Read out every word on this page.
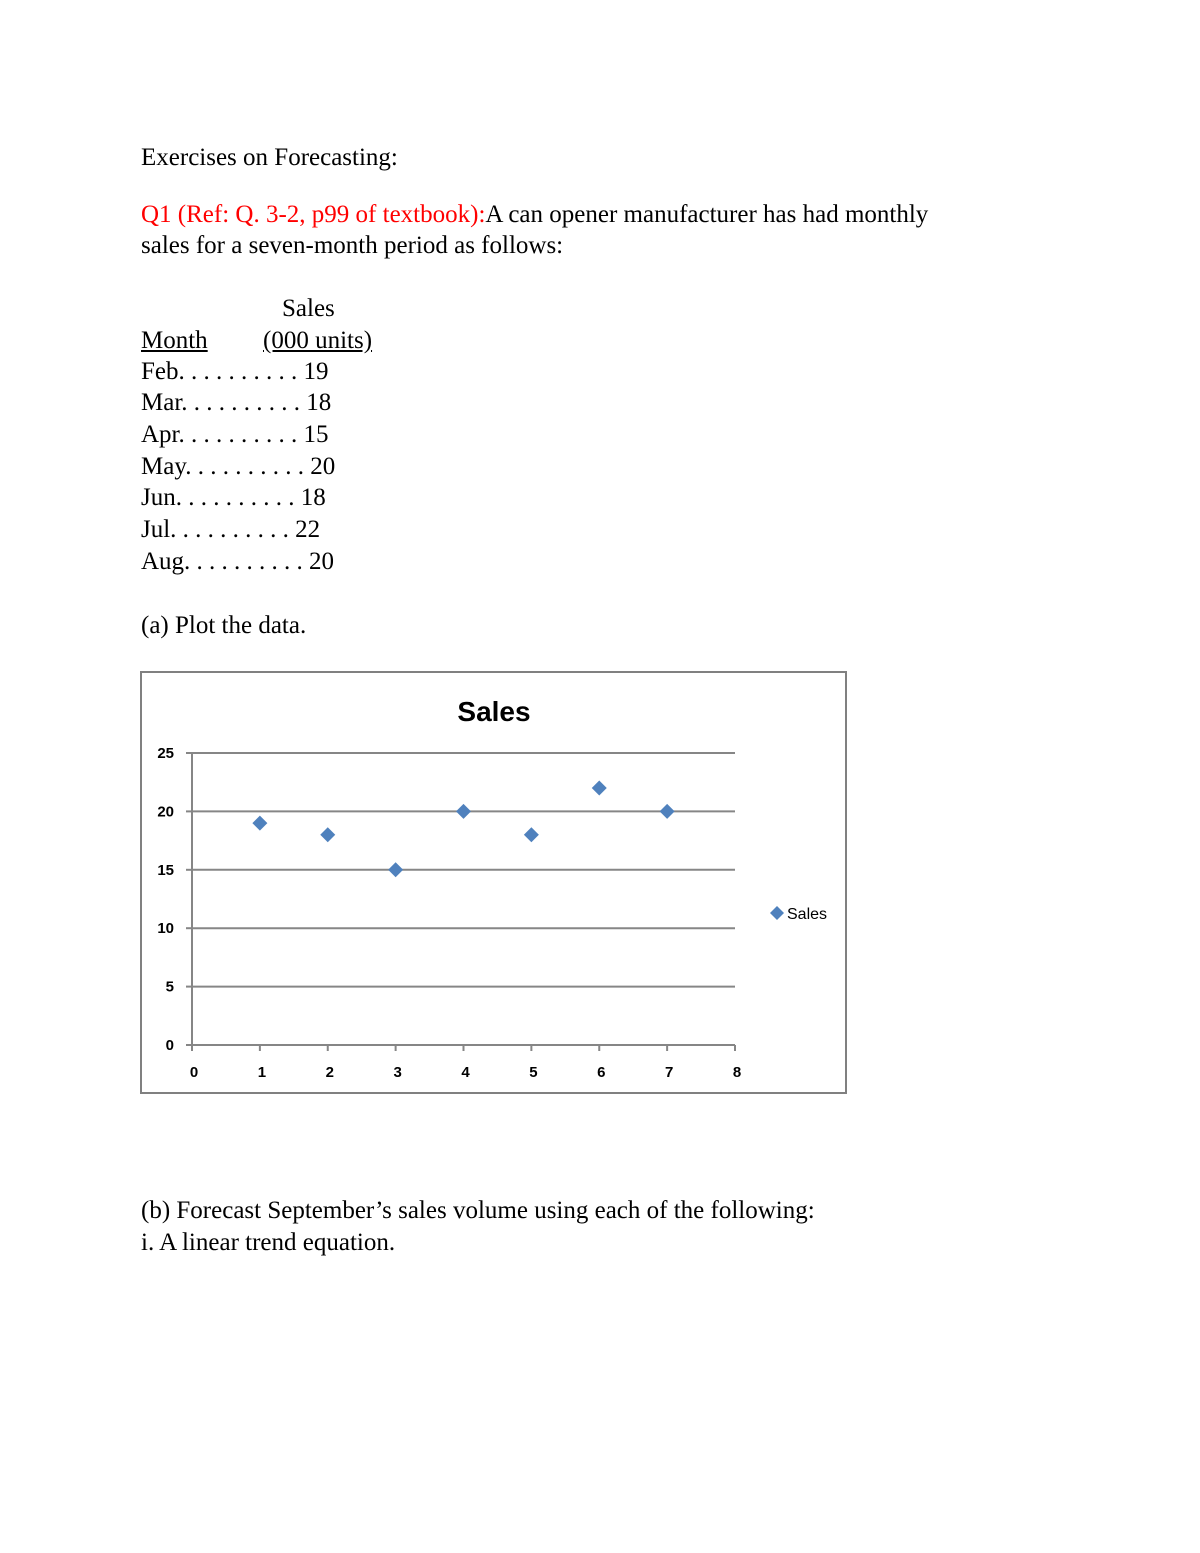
Exercises on Forecasting:
Q1 (Ref: Q. 3-2, p99 of textbook):A can opener manufacturer has had monthly
sales for a seven-month period as follows:
Sales
Month	(000 units)
Feb. . . . . . . . . . 19
Mar. . . . . . . . . . 18
Apr. . . . . . . . . . 15
May. . . . . . . . . . 20
Jun. . . . . . . . . . 18
Jul. . . . . . . . . . 22
Aug. . . . . . . . . . 20
(a) Plot the data.
Sales
0
5
10
15
20
25
0	1	2	3	4	5	6	7	8
Sales
(b) Forecast September’s sales volume using each of the following:
i. A linear trend equation.
